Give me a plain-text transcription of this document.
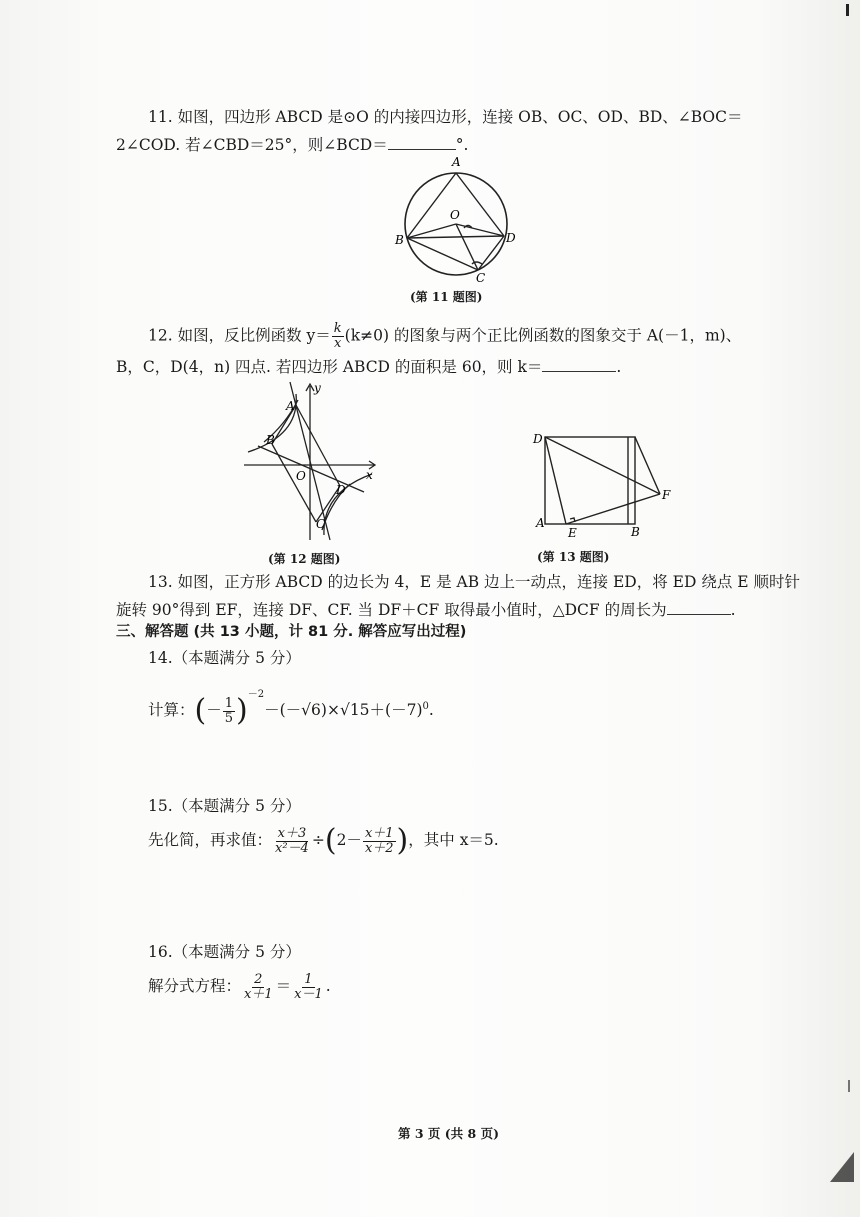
11. 如图，四边形 ABCD 是⊙O 的内接四边形，连接 OB、OC、OD、BD、∠BOC＝
2∠COD. 若∠CBD＝25°，则∠BCD＝	°.
A
O
B	D
C
(第 11 题图)
12. 如图，反比例函数 $y= \frac{k}{x} (k\ne 0)$ 的图象与两个正比例函数的图象交于 A(－1，m)、
B，C，D(4，n) 四点. 若四边形 ABCD 的面积是 60，则 k＝	.
y
x
A
B
O
D
C
(第 12 题图)
D
A
E	B
F
(第 13 题图)
13. 如图，正方形 ABCD 的边长为 4，E 是 AB 边上一动点，连接 ED，将 ED 绕点 E 顺时针
旋转 90°得到 EF，连接 DF、CF. 当 DF＋CF 取得最小值时，△DCF 的周长为	.
三、解答题 (共 13 小题，计 81 分. 解答应写出过程)
14.（本题满分 5 分）
计算：(－ $\frac{1}{5} )^{-2}-(-√6)\times√15+(-7)^0$.
15.（本题满分 5 分）
先化简，再求值： $\frac{x+3}{\text{x²－4}} \div(2- \frac{x+1}{x+2}$ )，其中 x＝5.
16.（本题满分 5 分）
解分式方程： $\frac{2}{x+1} = \frac{1}{x-1}$ .
第 3 页 (共 8 页)
